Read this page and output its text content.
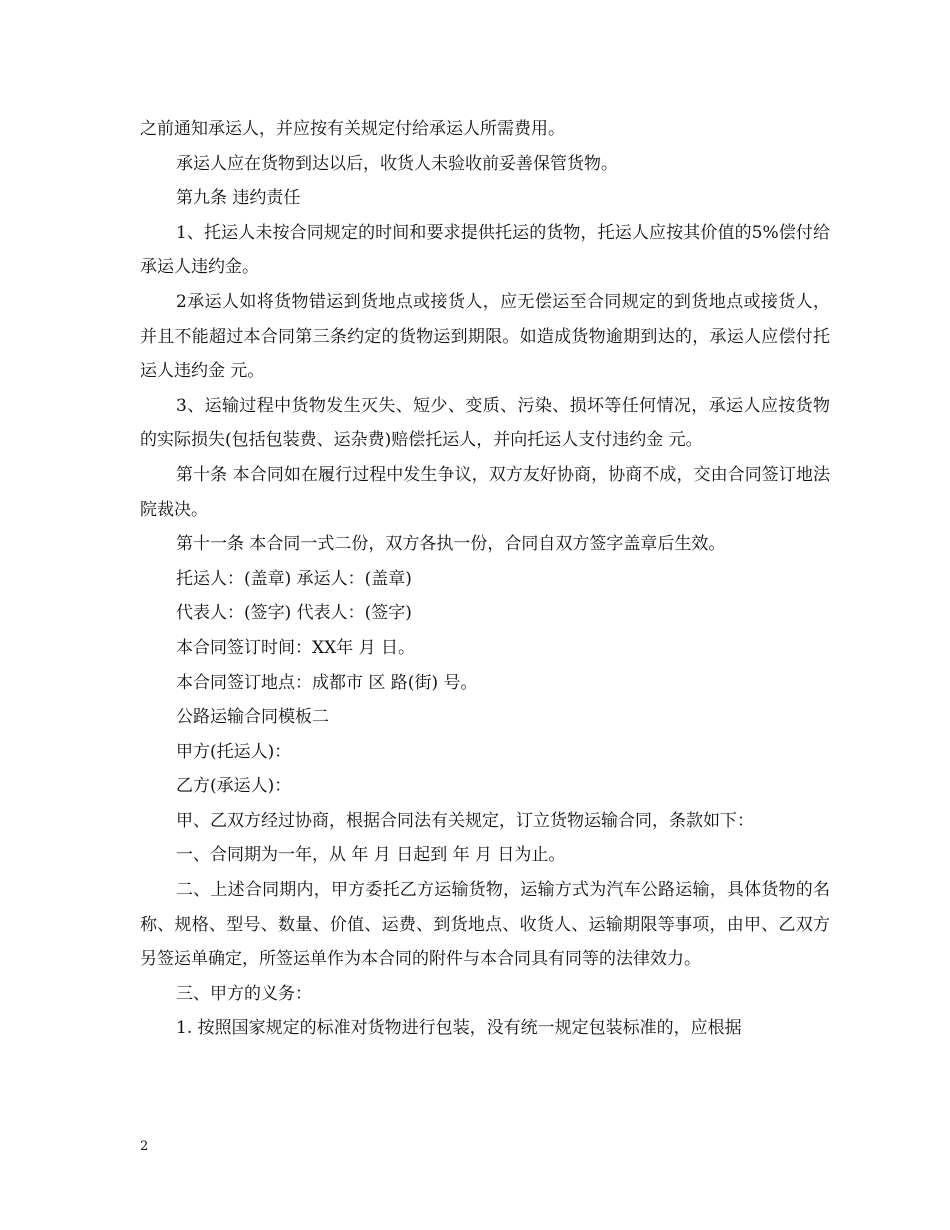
之前通知承运人，并应按有关规定付给承运人所需费用。

承运人应在货物到达以后，收货人未验收前妥善保管货物。

第九条 违约责任

1、托运人未按合同规定的时间和要求提供托运的货物，托运人应按其价值的5%偿付给承运人违约金。

2承运人如将货物错运到货地点或接货人，应无偿运至合同规定的到货地点或接货人，并且不能超过本合同第三条约定的货物运到期限。如造成货物逾期到达的，承运人应偿付托运人违约金 元。

3、运输过程中货物发生灭失、短少、变质、污染、损坏等任何情况，承运人应按货物的实际损失(包括包装费、运杂费)赔偿托运人，并向托运人支付违约金 元。

第十条 本合同如在履行过程中发生争议，双方友好协商，协商不成，交由合同签订地法院裁决。

第十一条 本合同一式二份，双方各执一份，合同自双方签字盖章后生效。

托运人：(盖章) 承运人：(盖章)

代表人：(签字) 代表人：(签字)

本合同签订时间：XX年 月 日。

本合同签订地点：成都市 区 路(街) 号。

公路运输合同模板二

甲方(托运人)：

乙方(承运人)：

甲、乙双方经过协商，根据合同法有关规定，订立货物运输合同，条款如下：

一、合同期为一年，从 年 月 日起到 年 月 日为止。

二、上述合同期内，甲方委托乙方运输货物，运输方式为汽车公路运输，具体货物的名称、规格、型号、数量、价值、运费、到货地点、收货人、运输期限等事项，由甲、乙双方另签运单确定，所签运单作为本合同的附件与本合同具有同等的法律效力。

三、甲方的义务：

1. 按照国家规定的标准对货物进行包装，没有统一规定包装标准的，应根据

2
